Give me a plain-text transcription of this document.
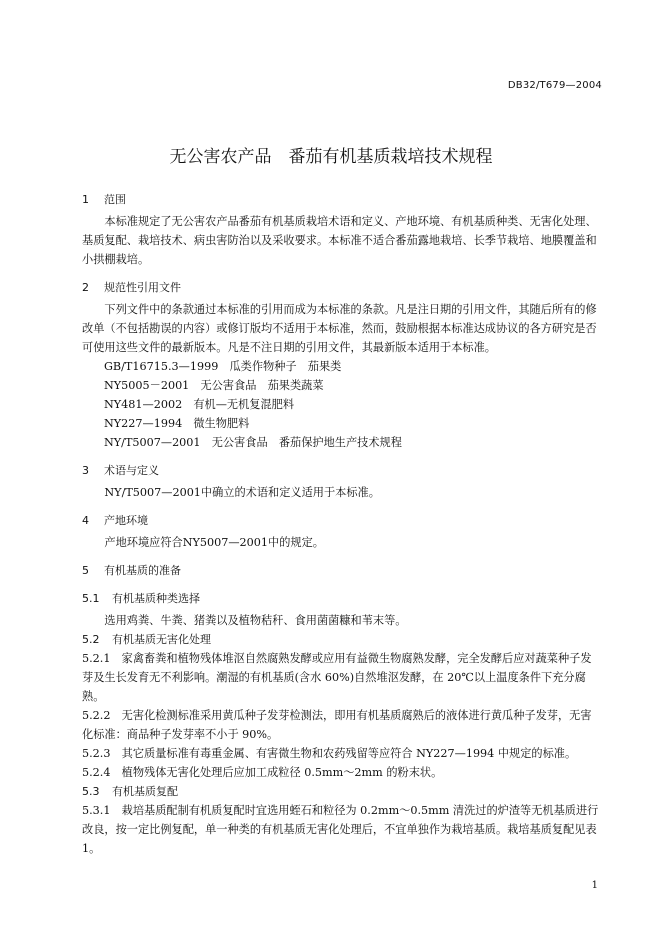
DB32/T679—2004
无公害农产品　番茄有机基质栽培技术规程
1 范围

本标准规定了无公害农产品番茄有机基质栽培术语和定义、产地环境、有机基质种类、无害化处理、基质复配、栽培技术、病虫害防治以及采收要求。本标准不适合番茄露地栽培、长季节栽培、地膜覆盖和小拱棚栽培。

2 规范性引用文件

下列文件中的条款通过本标准的引用而成为本标准的条款。凡是注日期的引用文件，其随后所有的修改单（不包括勘误的内容）或修订版均不适用于本标准，然而，鼓励根据本标准达成协议的各方研究是否可使用这些文件的最新版本。凡是不注日期的引用文件，其最新版本适用于本标准。

GB/T16715.3—1999　瓜类作物种子　茄果类

NY5005－2001　无公害食品　茄果类蔬菜

NY481—2002　有机—无机复混肥料

NY227—1994　微生物肥料

NY/T5007—2001　无公害食品　番茄保护地生产技术规程

3 术语与定义

NY/T5007—2001中确立的术语和定义适用于本标准。

4 产地环境

产地环境应符合NY5007—2001中的规定。

5 有机基质的准备
5.1 有机基质种类选择

选用鸡粪、牛粪、猪粪以及植物秸秆、食用菌菌糠和苇末等。

5.2 有机基质无害化处理

5.2.1　 家禽畜粪和植物残体堆沤自然腐熟发酵或应用有益微生物腐熟发酵，完全发酵后应对蔬菜种子发芽及生长发育无不利影响。潮湿的有机基质(含水 60%)自然堆沤发酵，在 20℃以上温度条件下充分腐熟。

5.2.2　 无害化检测标准采用黄瓜种子发芽检测法，即用有机基质腐熟后的液体进行黄瓜种子发芽，无害化标准：商品种子发芽率不小于 90%。

5.2.3　 其它质量标准有毒重金属、有害微生物和农药残留等应符合 NY227—1994 中规定的标准。

5.2.4　 植物残体无害化处理后应加工成粒径 0.5mm～2mm 的粉末状。

5.3 有机基质复配

5.3.1　 栽培基质配制有机质复配时宜选用蛭石和粒径为 0.2mm～0.5mm 清洗过的炉渣等无机基质进行改良，按一定比例复配，单一种类的有机基质无害化处理后，不宜单独作为栽培基质。栽培基质复配见表 1。

1
